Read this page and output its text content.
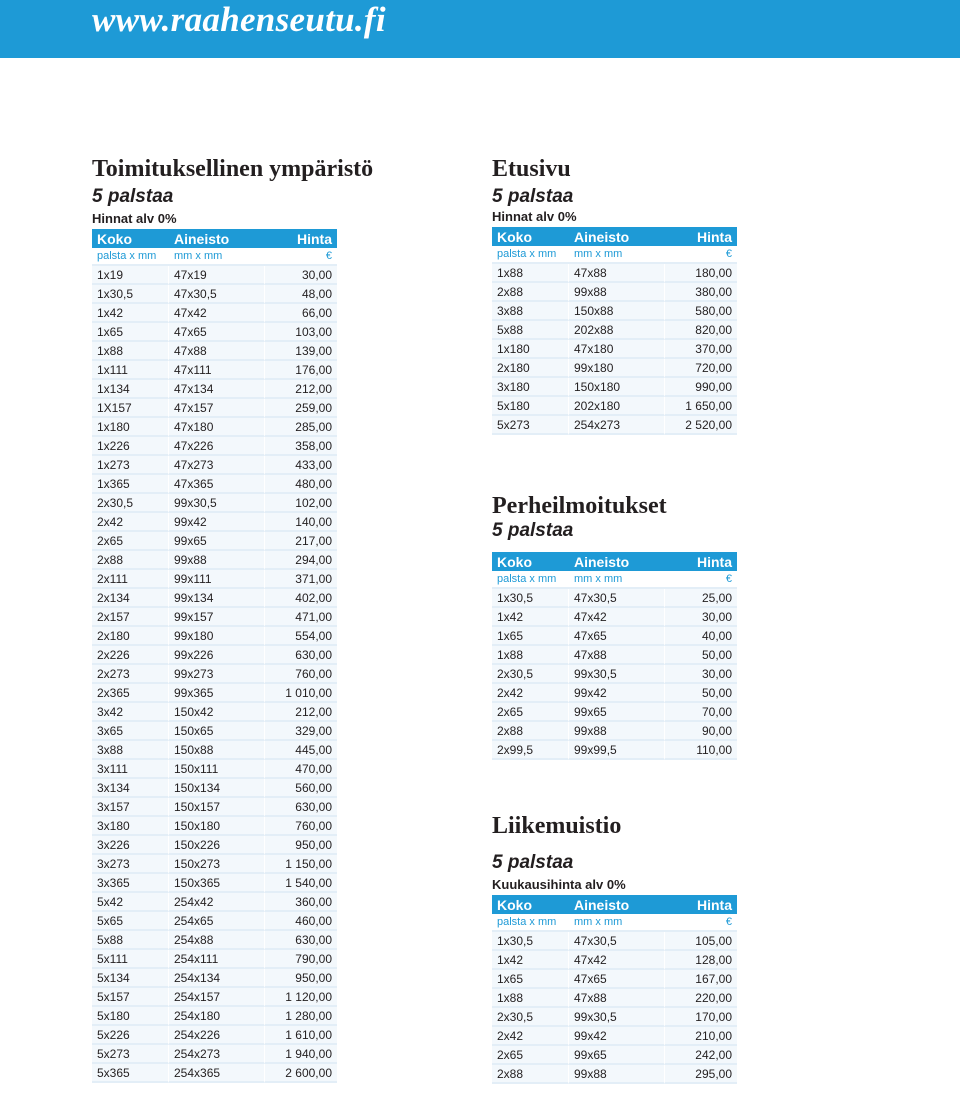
www.raahenseutu.fi
Toimituksellinen ympäristö

5 palstaa

Hinnat alv 0%

Koko	Aineisto	Hinta
palsta x mm	mm x mm	€
1x19	47x19	30,00
1x30,5	47x30,5	48,00
1x42	47x42	66,00
1x65	47x65	103,00
1x88	47x88	139,00
1x111	47x111	176,00
1x134	47x134	212,00
1X157	47x157	259,00
1x180	47x180	285,00
1x226	47x226	358,00
1x273	47x273	433,00
1x365	47x365	480,00
2x30,5	99x30,5	102,00
2x42	99x42	140,00
2x65	99x65	217,00
2x88	99x88	294,00
2x111	99x111	371,00
2x134	99x134	402,00
2x157	99x157	471,00
2x180	99x180	554,00
2x226	99x226	630,00
2x273	99x273	760,00
2x365	99x365	1 010,00
3x42	150x42	212,00
3x65	150x65	329,00
3x88	150x88	445,00
3x111	150x111	470,00
3x134	150x134	560,00
3x157	150x157	630,00
3x180	150x180	760,00
3x226	150x226	950,00
3x273	150x273	1 150,00
3x365	150x365	1 540,00
5x42	254x42	360,00
5x65	254x65	460,00
5x88	254x88	630,00
5x111	254x111	790,00
5x134	254x134	950,00
5x157	254x157	1 120,00
5x180	254x180	1 280,00
5x226	254x226	1 610,00
5x273	254x273	1 940,00
5x365	254x365	2 600,00
Etusivu

5 palstaa

Hinnat alv 0%

Koko	Aineisto	Hinta
palsta x mm	mm x mm	€
1x88	47x88	180,00
2x88	99x88	380,00
3x88	150x88	580,00
5x88	202x88	820,00
1x180	47x180	370,00
2x180	99x180	720,00
3x180	150x180	990,00
5x180	202x180	1 650,00
5x273	254x273	2 520,00
Perheilmoitukset

5 palstaa

Koko	Aineisto	Hinta
palsta x mm	mm x mm	€
1x30,5	47x30,5	25,00
1x42	47x42	30,00
1x65	47x65	40,00
1x88	47x88	50,00
2x30,5	99x30,5	30,00
2x42	99x42	50,00
2x65	99x65	70,00
2x88	99x88	90,00
2x99,5	99x99,5	110,00
Liikemuistio

5 palstaa

Kuukausihinta alv 0%

Koko	Aineisto	Hinta
palsta x mm	mm x mm	€
1x30,5	47x30,5	105,00
1x42	47x42	128,00
1x65	47x65	167,00
1x88	47x88	220,00
2x30,5	99x30,5	170,00
2x42	99x42	210,00
2x65	99x65	242,00
2x88	99x88	295,00
